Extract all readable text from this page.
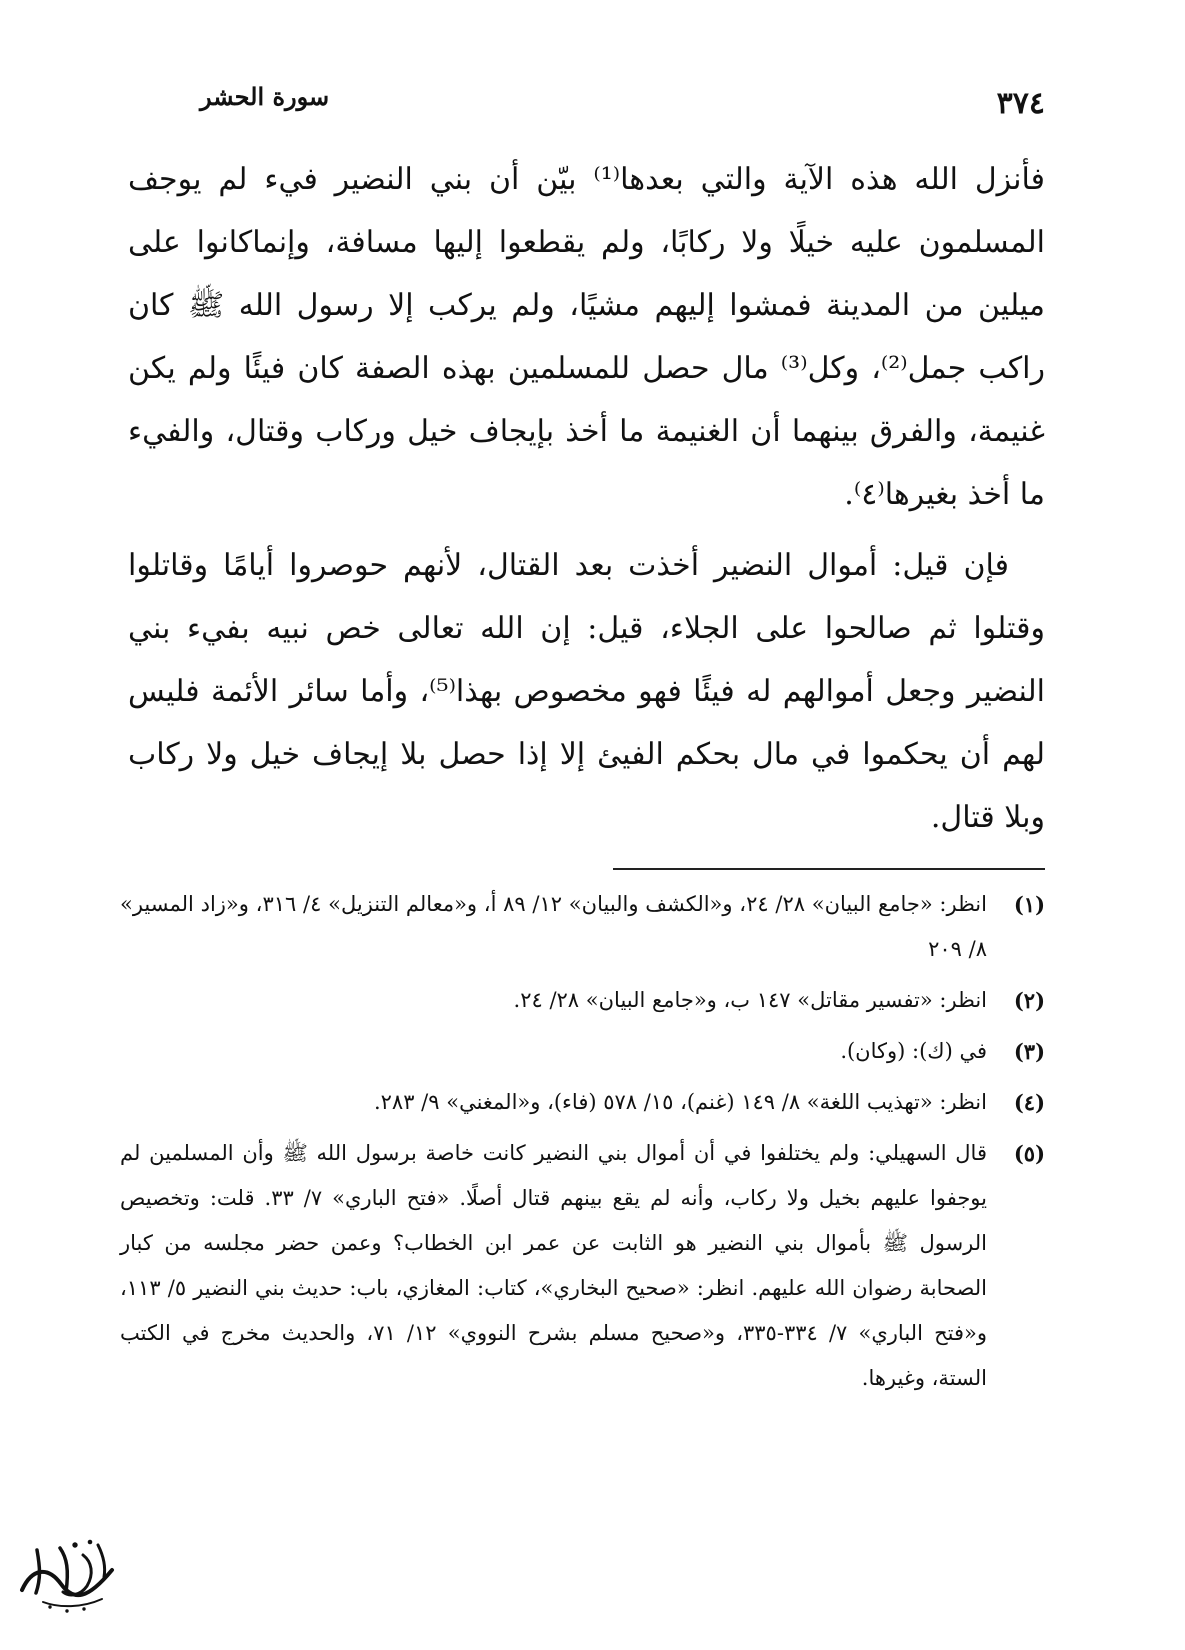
٣٧٤
سورة الحشر

فأنزل الله هذه الآية والتي بعدها⁽¹⁾ بيّن أن بني النضير فيء لم يوجف المسلمون عليه خيلًا ولا ركابًا، ولم يقطعوا إليها مسافة، وإنماكانوا على ميلين من المدينة فمشوا إليهم مشيًا، ولم يركب إلا رسول الله ﷺ كان راكب جمل⁽²⁾، وكل⁽³⁾ مال حصل للمسلمين بهذه الصفة كان فيئًا ولم يكن غنيمة، والفرق بينهما أن الغنيمة ما أخذ بإيجاف خيل وركاب وقتال، والفيء ما أخذ بغيرها⁽٤⁾.

فإن قيل: أموال النضير أخذت بعد القتال، لأنهم حوصروا أيامًا وقاتلوا وقتلوا ثم صالحوا على الجلاء، قيل: إن الله تعالى خص نبيه بفيء بني النضير وجعل أموالهم له فيئًا فهو مخصوص بهذا⁽⁵⁾، وأما سائر الأئمة فليس لهم أن يحكموا في مال بحكم الفيئ إلا إذا حصل بلا إيجاف خيل ولا ركاب وبلا قتال.

(١)
انظر: «جامع البيان» ٢٨/ ٢٤، و«الكشف والبيان» ١٢/ ٨٩ أ، و«معالم التنزيل» ٤/ ٣١٦، و«زاد المسير» ٨/ ٢٠٩
(٢)
انظر: «تفسير مقاتل» ١٤٧ ب، و«جامع البيان» ٢٨/ ٢٤.
(٣)
في (ك): (وكان).
(٤)
انظر: «تهذيب اللغة» ٨/ ١٤٩ (غنم)، ١٥/ ٥٧٨ (فاء)، و«المغني» ٩/ ٢٨٣.
(٥)
قال السهيلي: ولم يختلفوا في أن أموال بني النضير كانت خاصة برسول الله ﷺ وأن المسلمين لم يوجفوا عليهم بخيل ولا ركاب، وأنه لم يقع بينهم قتال أصلًا. «فتح الباري» ٧/ ٣٣. قلت: وتخصيص الرسول ﷺ بأموال بني النضير هو الثابت عن عمر ابن الخطاب؟ وعمن حضر مجلسه من كبار الصحابة رضوان الله عليهم. انظر: «صحيح البخاري»، كتاب: المغازي، باب: حديث بني النضير ٥/ ١١٣، و«فتح الباري» ٧/ ٣٣٤-٣٣٥، و«صحيح مسلم بشرح النووي» ١٢/ ٧١، والحديث مخرج في الكتب الستة، وغيرها.
